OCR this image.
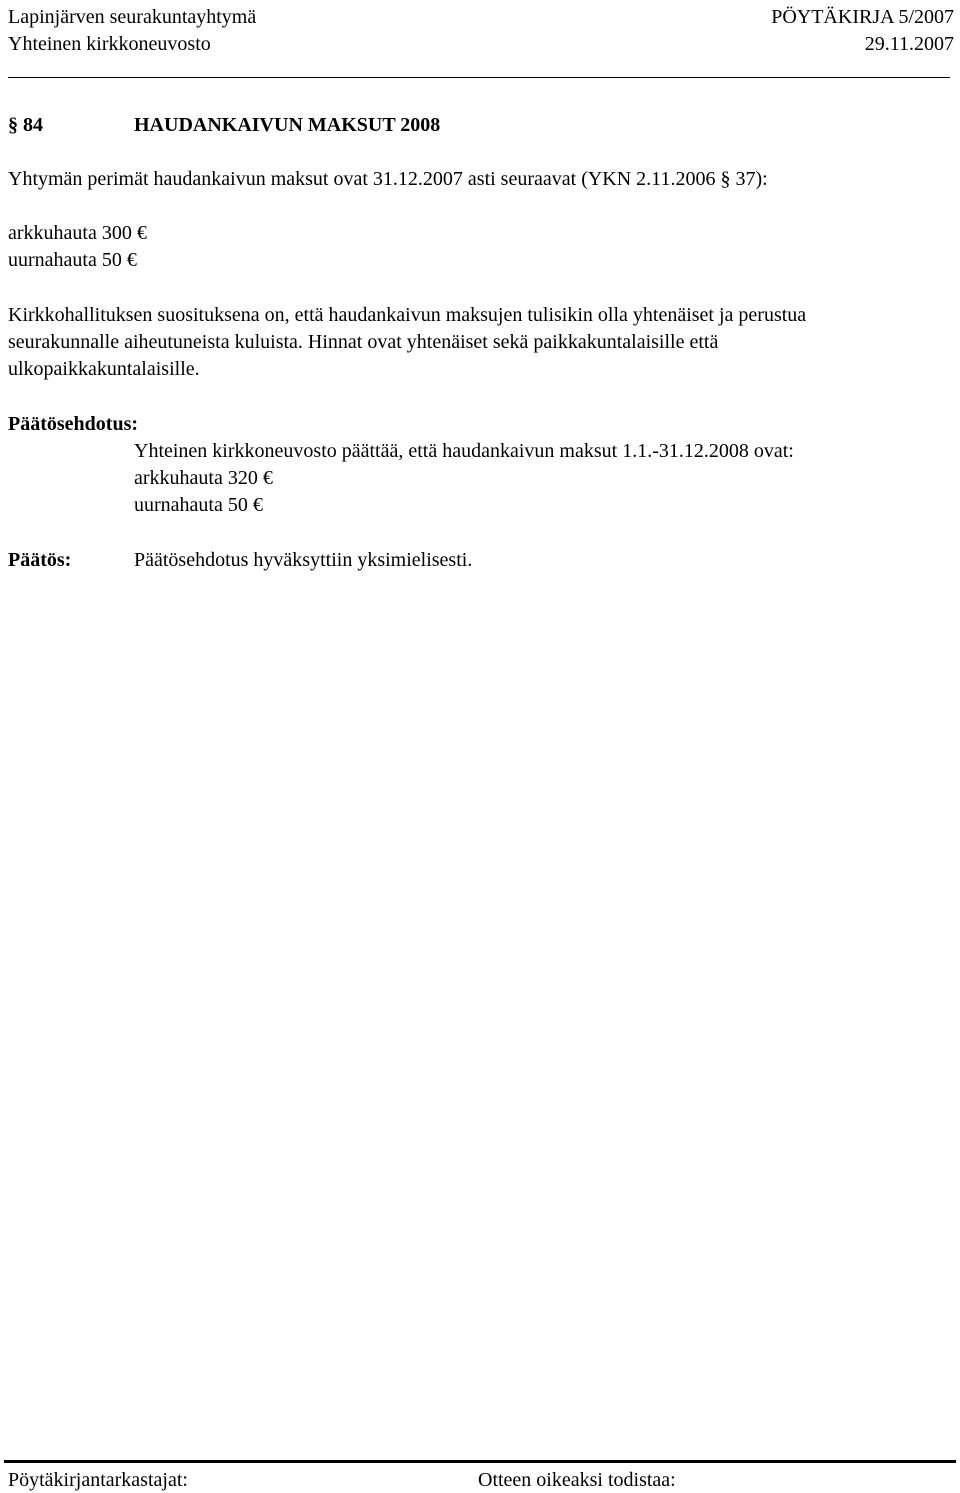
Lapinjärven seurakuntayhtymä	PÖYTÄKIRJA 5/2007
Yhteinen kirkkoneuvosto	29.11.2007
§ 84	HAUDANKAIVUN MAKSUT 2008
Yhtymän perimät haudankaivun maksut ovat 31.12.2007 asti seuraavat (YKN 2.11.2006 § 37):
arkkuhauta 300 €
uurnahauta 50 €
Kirkkohallituksen suosituksena on, että haudankaivun maksujen tulisikin olla yhtenäiset ja perustua
seurakunnalle aiheutuneista kuluista. Hinnat ovat yhtenäiset sekä paikkakuntalaisille että
ulkopaikkakuntalaisille.
Päätösehdotus:
Yhteinen kirkkoneuvosto päättää, että haudankaivun maksut 1.1.-31.12.2008 ovat:
arkkuhauta 320 €
uurnahauta 50 €
Päätös:	Päätösehdotus hyväksyttiin yksimielisesti.
Pöytäkirjantarkastajat:	Otteen oikeaksi todistaa:
